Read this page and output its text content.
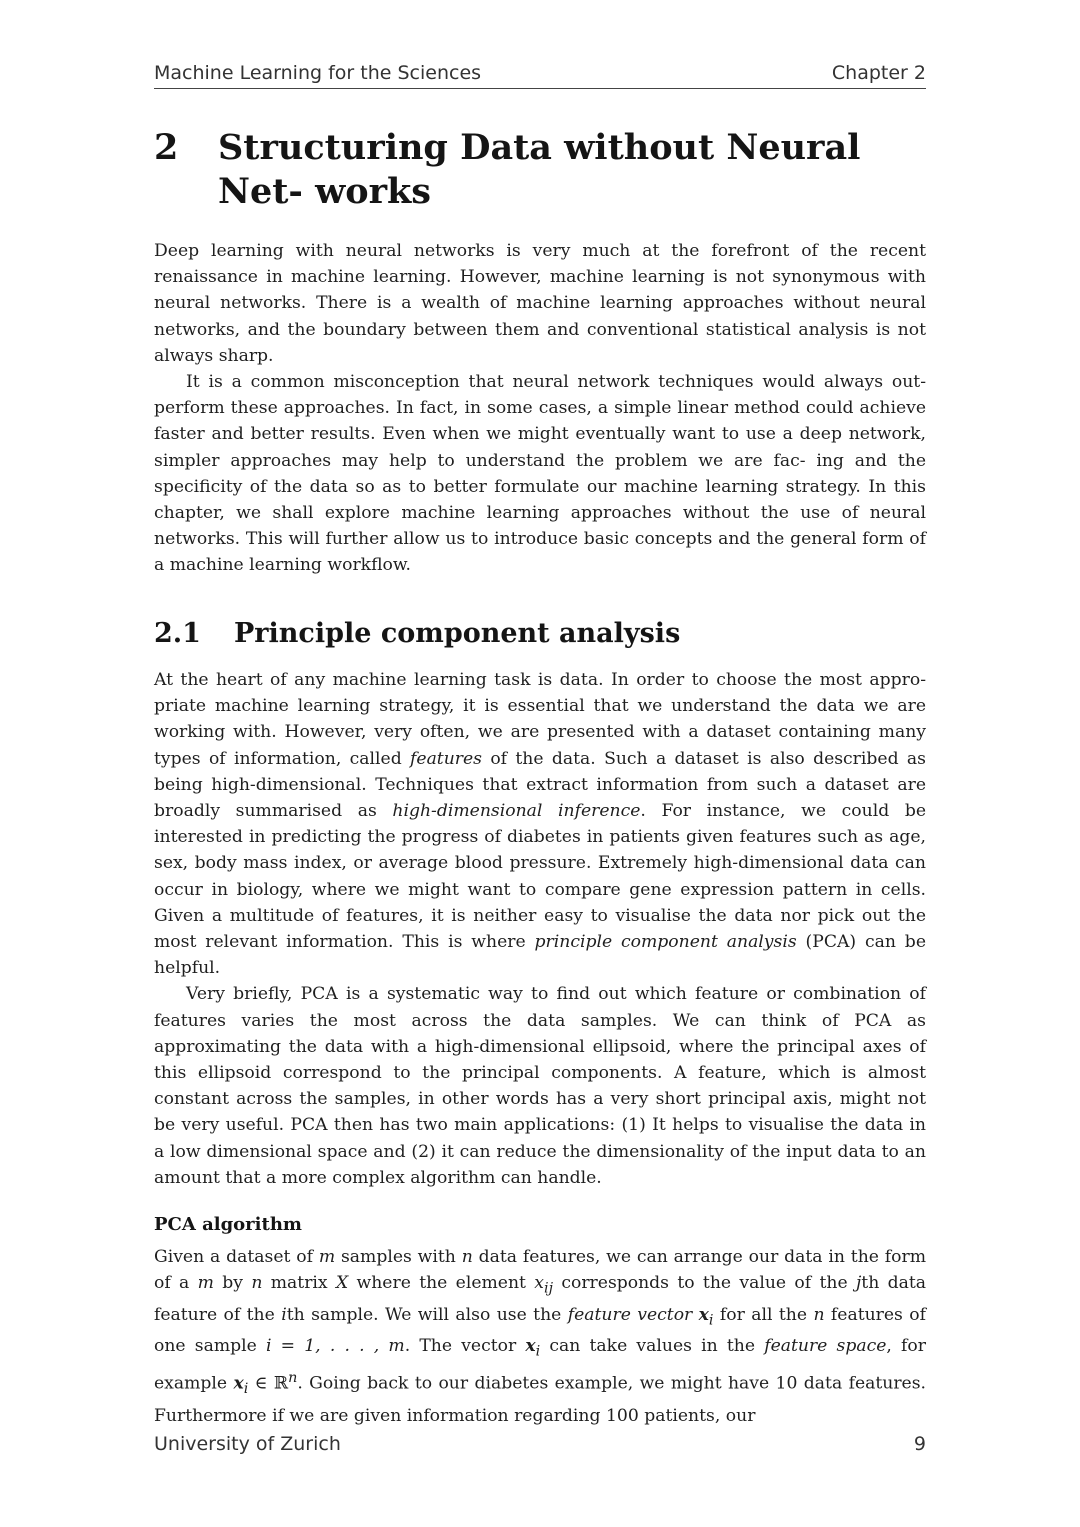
Machine Learning for the Sciences	Chapter 2
2 Structuring Data without Neural Net- works

Deep learning with neural networks is very much at the forefront of the recent renaissance in machine learning. However, machine learning is not synonymous with neural networks. There is a wealth of machine learning approaches without neural networks, and the boundary between them and conventional statistical analysis is not always sharp.

It is a common misconception that neural network techniques would always out- perform these approaches. In fact, in some cases, a simple linear method could achieve faster and better results. Even when we might eventually want to use a deep network, simpler approaches may help to understand the problem we are fac- ing and the specificity of the data so as to better formulate our machine learning strategy. In this chapter, we shall explore machine learning approaches without the use of neural networks. This will further allow us to introduce basic concepts and the general form of a machine learning workflow.

2.1 Principle component analysis

At the heart of any machine learning task is data. In order to choose the most appro- priate machine learning strategy, it is essential that we understand the data we are working with. However, very often, we are presented with a dataset containing many types of information, called features of the data. Such a dataset is also described as being high-dimensional. Techniques that extract information from such a dataset are broadly summarised as high-dimensional inference. For instance, we could be interested in predicting the progress of diabetes in patients given features such as age, sex, body mass index, or average blood pressure. Extremely high-dimensional data can occur in biology, where we might want to compare gene expression pattern in cells. Given a multitude of features, it is neither easy to visualise the data nor pick out the most relevant information. This is where principle component analysis (PCA) can be helpful.

Very briefly, PCA is a systematic way to find out which feature or combination of features varies the most across the data samples. We can think of PCA as approximating the data with a high-dimensional ellipsoid, where the principal axes of this ellipsoid correspond to the principal components. A feature, which is almost constant across the samples, in other words has a very short principal axis, might not be very useful. PCA then has two main applications: (1) It helps to visualise the data in a low dimensional space and (2) it can reduce the dimensionality of the input data to an amount that a more complex algorithm can handle.

PCA algorithm

Given a dataset of m samples with n data features, we can arrange our data in the form of a m by n matrix X where the element $x_{ij}$ corresponds to the value of the jth data feature of the ith sample. We will also use the feature vector $x_i$ for all the n features of one sample i = 1, . . . , m. The vector $x_i$ can take values in the feature space, for example $x_i$ ∈ ℝ$^n$. Going back to our diabetes example, we might have 10 data features. Furthermore if we are given information regarding 100 patients, our

University of Zurich	9
